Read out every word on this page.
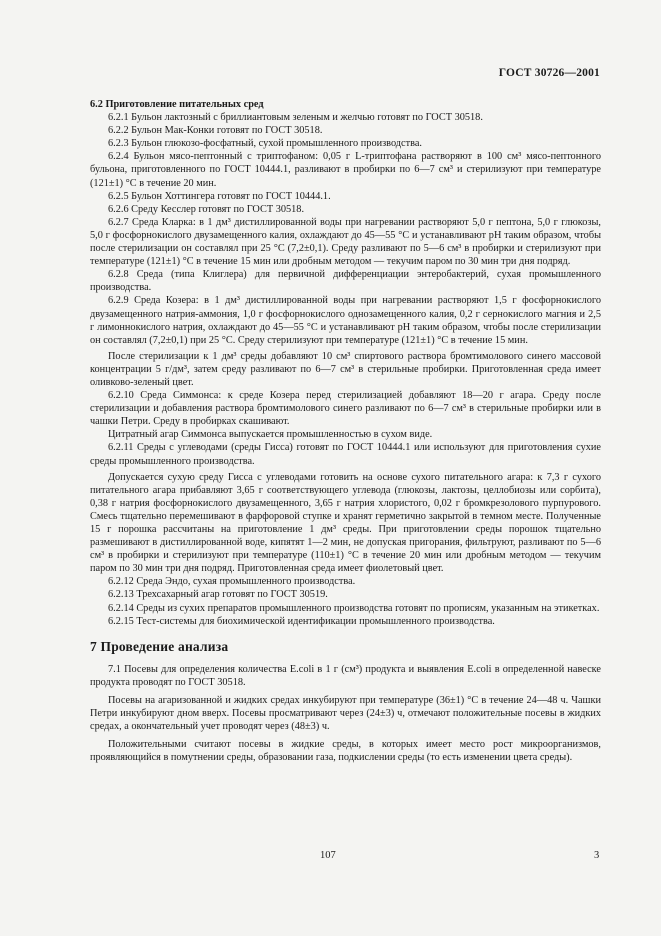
ГОСТ 30726—2001

6.2 Приготовление питательных сред

6.2.1 Бульон лактозный с бриллиантовым зеленым и желчью готовят по ГОСТ 30518.

6.2.2 Бульон Мак-Конки готовят по ГОСТ 30518.

6.2.3 Бульон глюкозо-фосфатный, сухой промышленного производства.

6.2.4 Бульон мясо-пептонный с триптофаном: 0,05 г L-триптофана растворяют в 100 см³ мясо-пептонного бульона, приготовленного по ГОСТ 10444.1, разливают в пробирки по 6—7 см³ и стерилизуют при температуре (121±1) °С в течение 20 мин.

6.2.5 Бульон Хоттингера готовят по ГОСТ 10444.1.

6.2.6 Среду Кесслер готовят по ГОСТ 30518.

6.2.7 Среда Кларка: в 1 дм³ дистиллированной воды при нагревании растворяют 5,0 г пептона, 5,0 г глюкозы, 5,0 г фосфорнокислого двузамещенного калия, охлаждают до 45—55 °С и устанавливают рН таким образом, чтобы после стерилизации он составлял при 25 °С (7,2±0,1). Среду разливают по 5—6 см³ в пробирки и стерилизуют при температуре (121±1) °С в течение 15 мин или дробным методом — текучим паром по 30 мин три дня подряд.

6.2.8 Среда (типа Клиглера) для первичной дифференциации энтеробактерий, сухая промышленного производства.

6.2.9 Среда Козера: в 1 дм³ дистиллированной воды при нагревании растворяют 1,5 г фосфорнокислого двузамещенного натрия-аммония, 1,0 г фосфорнокислого однозамещенного калия, 0,2 г сернокислого магния и 2,5 г лимоннокислого натрия, охлаждают до 45—55 °С и устанавливают рН таким образом, чтобы после стерилизации он составлял (7,2±0,1) при 25 °С. Среду стерилизуют при температуре (121±1) °С в течение 15 мин.

После стерилизации к 1 дм³ среды добавляют 10 см³ спиртового раствора бромтимолового синего массовой концентрации 5 г/дм³, затем среду разливают по 6—7 см³ в стерильные пробирки. Приготовленная среда имеет оливково-зеленый цвет.

6.2.10 Среда Симмонса: к среде Козера перед стерилизацией добавляют 18—20 г агара. Среду после стерилизации и добавления раствора бромтимолового синего разливают по 6—7 см³ в стерильные пробирки или в чашки Петри. Среду в пробирках скашивают.

Цитратный агар Симмонса выпускается промышленностью в сухом виде.

6.2.11 Среды с углеводами (среды Гисса) готовят по ГОСТ 10444.1 или используют для приготовления сухие среды промышленного производства.

Допускается сухую среду Гисса с углеводами готовить на основе сухого питательного агара: к 7,3 г сухого питательного агара прибавляют 3,65 г соответствующего углевода (глюкозы, лактозы, целлобиозы или сорбита), 0,38 г натрия фосфорнокислого двузамещенного, 3,65 г натрия хлористого, 0,02 г бромкрезолового пурпурового. Смесь тщательно перемешивают в фарфоровой ступке и хранят герметично закрытой в темном месте. Полученные 15 г порошка рассчитаны на приготовление 1 дм³ среды. При приготовлении среды порошок тщательно размешивают в дистиллированной воде, кипятят 1—2 мин, не допуская пригорания, фильтруют, разливают по 5—6 см³ в пробирки и стерилизуют при температуре (110±1) °С в течение 20 мин или дробным методом — текучим паром по 30 мин три дня подряд. Приготовленная среда имеет фиолетовый цвет.

6.2.12 Среда Эндо, сухая промышленного производства.

6.2.13 Трехсахарный агар готовят по ГОСТ 30519.

6.2.14 Среды из сухих препаратов промышленного производства готовят по прописям, указанным на этикетках.

6.2.15 Тест-системы для биохимической идентификации промышленного производства.

7 Проведение анализа

7.1 Посевы для определения количества E.coli в 1 г (см³) продукта и выявления E.coli в определенной навеске продукта проводят по ГОСТ 30518.

Посевы на агаризованной и жидких средах инкубируют при температуре (36±1) °С в течение 24—48 ч. Чашки Петри инкубируют дном вверх. Посевы просматривают через (24±3) ч, отмечают положительные посевы в жидких средах, а окончательный учет проводят через (48±3) ч.

Положительными считают посевы в жидкие среды, в которых имеет место рост микроорганизмов, проявляющийся в помутнении среды, образовании газа, подкислении среды (то есть изменении цвета среды).

107	3
